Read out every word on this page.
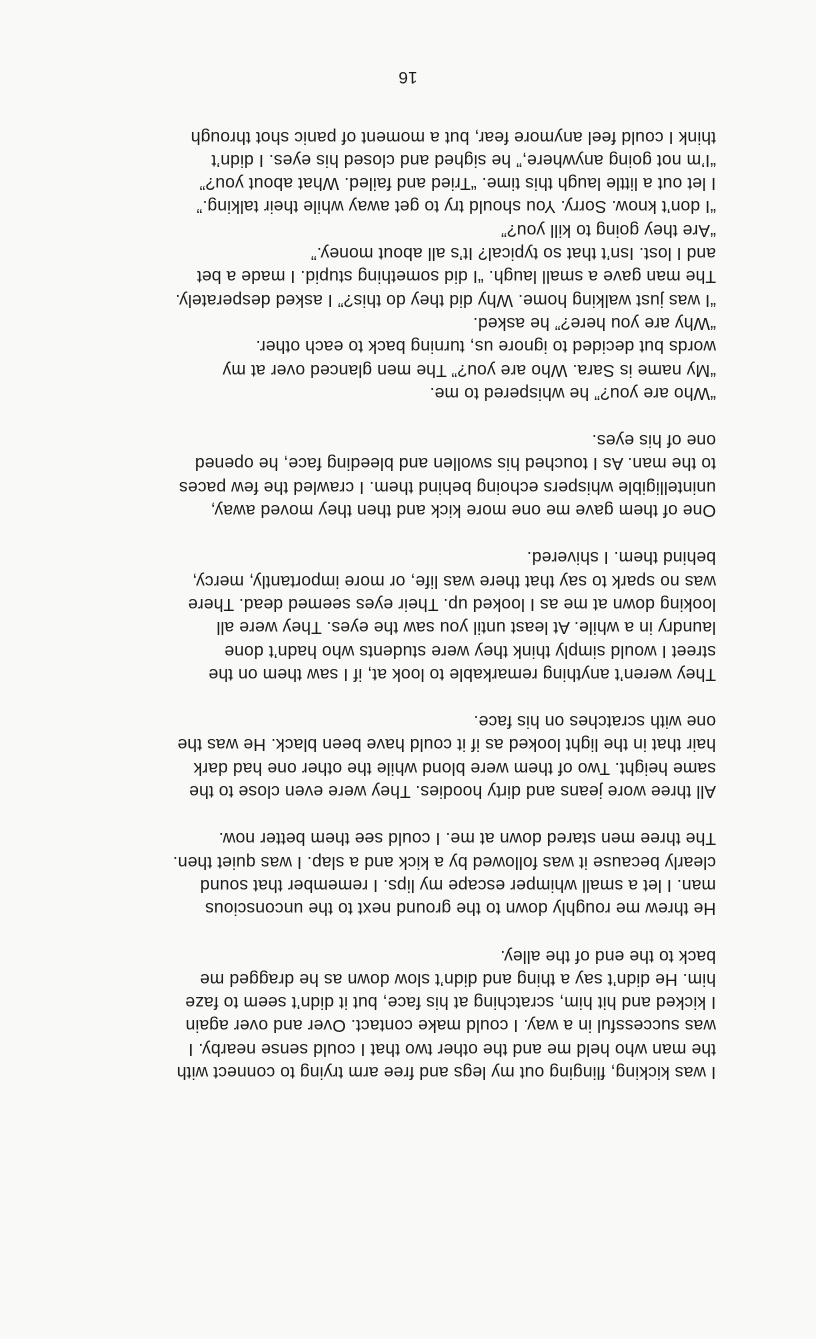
I was kicking, flinging out my legs and free arm trying to connect with
the man who held me and the other two that I could sense nearby. I
was successful in a way. I could make contact. Over and over again
I kicked and hit him, scratching at his face, but it didn’t seem to faze
him. He didn’t say a thing and didn’t slow down as he dragged me
back to the end of the alley.

He threw me roughly down to the ground next to the unconscious
man. I let a small whimper escape my lips. I remember that sound
clearly because it was followed by a kick and a slap. I was quiet then.
The three men stared down at me. I could see them better now.

All three wore jeans and dirty hoodies. They were even close to the
same height. Two of them were blond while the other one had dark
hair that in the light looked as if it could have been black. He was the
one with scratches on his face.

They weren’t anything remarkable to look at, if I saw them on the
street I would simply think they were students who hadn’t done
laundry in a while. At least until you saw the eyes. They were all
looking down at me as I looked up. Their eyes seemed dead. There
was no spark to say that there was life, or more importantly, mercy,
behind them. I shivered.

One of them gave me one more kick and then they moved away,
unintelligible whispers echoing behind them. I crawled the few paces
to the man. As I touched his swollen and bleeding face, he opened
one of his eyes.

“Who are you?” he whispered to me.
“My name is Sara. Who are you?” The men glanced over at my
words but decided to ignore us, turning back to each other.
“Why are you here?” he asked.
“I was just walking home. Why did they do this?” I asked desperately.
The man gave a small laugh. “I did something stupid. I made a bet
and I lost. Isn’t that so typical? It’s all about money.”
“Are they going to kill you?”
“I don’t know. Sorry. You should try to get away while their talking.”
I let out a little laugh this time. “Tried and failed. What about you?”
“I’m not going anywhere,” he sighed and closed his eyes. I didn’t
think I could feel anymore fear, but a moment of panic shot through

16
